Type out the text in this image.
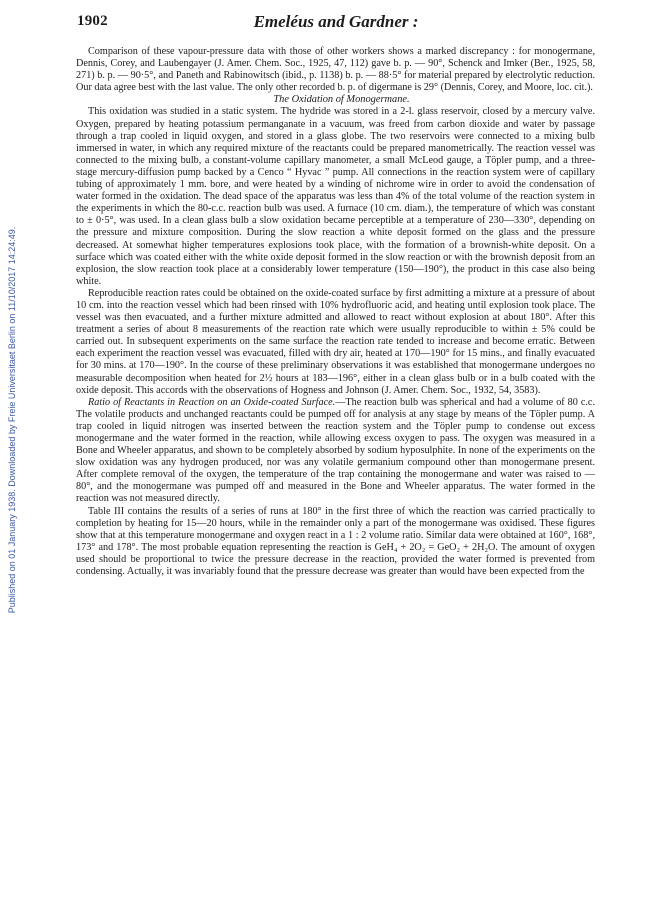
1902	Emeléus and Gardner :
Published on 01 January 1938. Downloaded by Freie Universitaet Berlin on 11/10/2017 14:24:49.

Comparison of these vapour-pressure data with those of other workers shows a marked discrepancy : for monogermane, Dennis, Corey, and Laubengayer (J. Amer. Chem. Soc., 1925, 47, 112) gave b. p. — 90°, Schenck and Imker (Ber., 1925, 58, 271) b. p. — 90·5°, and Paneth and Rabinowitsch (ibid., p. 1138) b. p. — 88·5° for material prepared by electrolytic reduction. Our data agree best with the last value. The only other recorded b. p. of digermane is 29° (Dennis, Corey, and Moore, loc. cit.).

The Oxidation of Monogermane.

This oxidation was studied in a static system. The hydride was stored in a 2-l. glass reservoir, closed by a mercury valve. Oxygen, prepared by heating potassium permanganate in a vacuum, was freed from carbon dioxide and water by passage through a trap cooled in liquid oxygen, and stored in a glass globe. The two reservoirs were connected to a mixing bulb immersed in water, in which any required mixture of the reactants could be prepared manometrically. The reaction vessel was connected to the mixing bulb, a constant-volume capillary manometer, a small McLeod gauge, a Töpler pump, and a three-stage mercury-diffusion pump backed by a Cenco “ Hyvac ” pump. All connections in the reaction system were of capillary tubing of approximately 1 mm. bore, and were heated by a winding of nichrome wire in order to avoid the condensation of water formed in the oxidation. The dead space of the apparatus was less than 4% of the total volume of the reaction system in the experiments in which the 80-c.c. reaction bulb was used. A furnace (10 cm. diam.), the temperature of which was constant to ± 0·5°, was used. In a clean glass bulb a slow oxidation became perceptible at a temperature of 230—330°, depending on the pressure and mixture composition. During the slow reaction a white deposit formed on the glass and the pressure decreased. At somewhat higher temperatures explosions took place, with the formation of a brownish-white deposit. On a surface which was coated either with the white oxide deposit formed in the slow reaction or with the brownish deposit from an explosion, the slow reaction took place at a considerably lower temperature (150—190°), the product in this case also being white.

Reproducible reaction rates could be obtained on the oxide-coated surface by first admitting a mixture at a pressure of about 10 cm. into the reaction vessel which had been rinsed with 10% hydrofluoric acid, and heating until explosion took place. The vessel was then evacuated, and a further mixture admitted and allowed to react without explosion at about 180°. After this treatment a series of about 8 measurements of the reaction rate which were usually reproducible to within ± 5% could be carried out. In subsequent experiments on the same surface the reaction rate tended to increase and become erratic. Between each experiment the reaction vessel was evacuated, filled with dry air, heated at 170—190° for 15 mins., and finally evacuated for 30 mins. at 170—190°. In the course of these preliminary observations it was established that monogermane undergoes no measurable decomposition when heated for 2½ hours at 183—196°, either in a clean glass bulb or in a bulb coated with the oxide deposit. This accords with the observations of Hogness and Johnson (J. Amer. Chem. Soc., 1932, 54, 3583).

Ratio of Reactants in Reaction on an Oxide-coated Surface.—The reaction bulb was spherical and had a volume of 80 c.c. The volatile products and unchanged reactants could be pumped off for analysis at any stage by means of the Töpler pump. A trap cooled in liquid nitrogen was inserted between the reaction system and the Töpler pump to condense out excess monogermane and the water formed in the reaction, while allowing excess oxygen to pass. The oxygen was measured in a Bone and Wheeler apparatus, and shown to be completely absorbed by sodium hyposulphite. In none of the experiments on the slow oxidation was any hydrogen produced, nor was any volatile germanium compound other than monogermane present. After complete removal of the oxygen, the temperature of the trap containing the monogermane and water was raised to — 80°, and the monogermane was pumped off and measured in the Bone and Wheeler apparatus. The water formed in the reaction was not measured directly.

Table III contains the results of a series of runs at 180° in the first three of which the reaction was carried practically to completion by heating for 15—20 hours, while in the remainder only a part of the monogermane was oxidised. These figures show that at this temperature monogermane and oxygen react in a 1 : 2 volume ratio. Similar data were obtained at 160°, 168°, 173° and 178°. The most probable equation representing the reaction is GeH₄ + 2O₂ = GeO₂ + 2H₂O. The amount of oxygen used should be proportional to twice the pressure decrease in the reaction, provided the water formed is prevented from condensing. Actually, it was invariably found that the pressure decrease was greater than would have been expected from the
